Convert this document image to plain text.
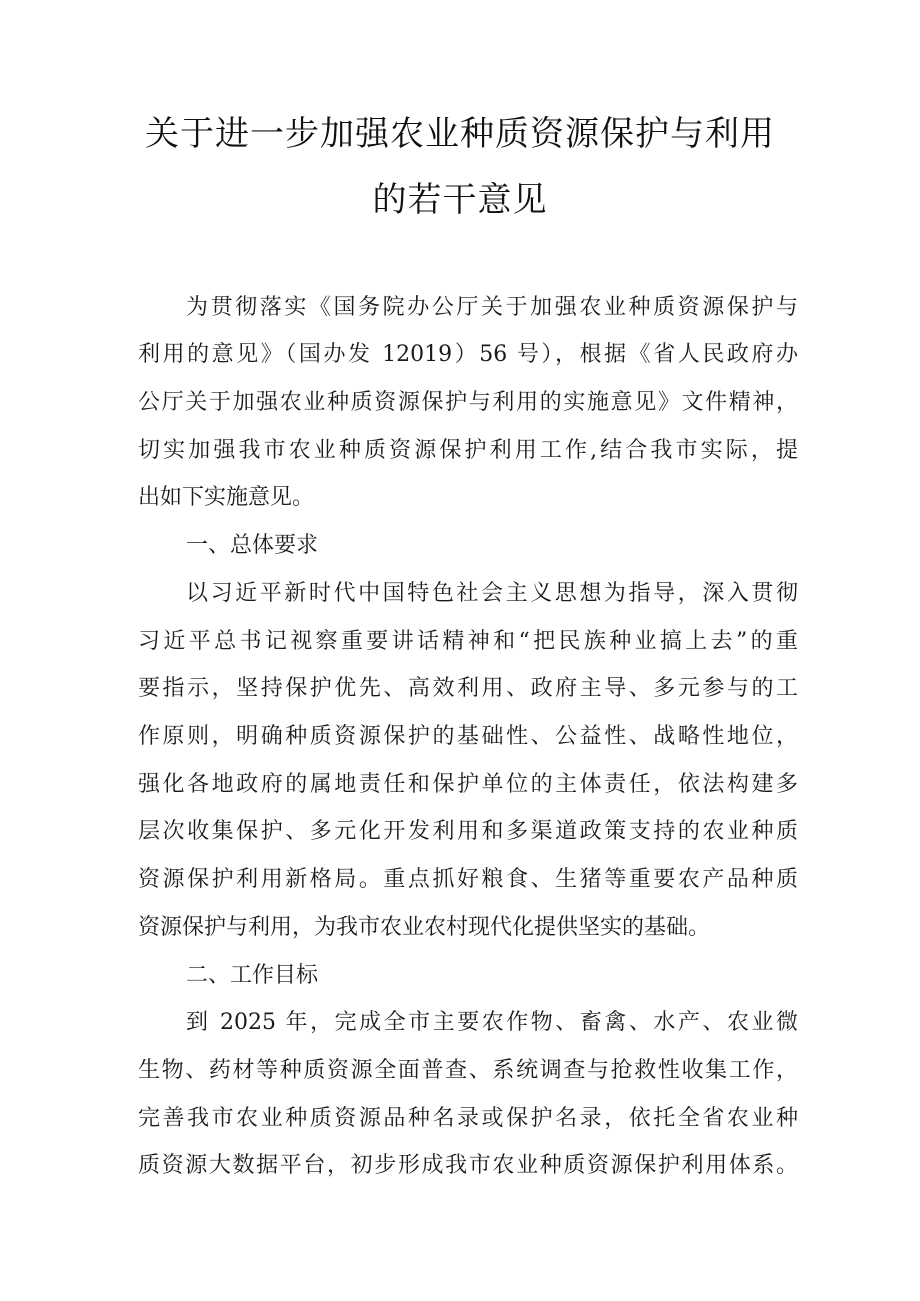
关于进一步加强农业种质资源保护与利用
的若干意见
为贯彻落实《国务院办公厅关于加强农业种质资源保护与
利用的意见》（国办发 12019）56 号），根据《省人民政府办
公厅关于加强农业种质资源保护与利用的实施意见》文件精神，
切实加强我市农业种质资源保护利用工作,结合我市实际，提
出如下实施意见。
一、总体要求
以习近平新时代中国特色社会主义思想为指导，深入贯彻
习近平总书记视察重要讲话精神和“把民族种业搞上去”的重
要指示，坚持保护优先、高效利用、政府主导、多元参与的工
作原则，明确种质资源保护的基础性、公益性、战略性地位，
强化各地政府的属地责任和保护单位的主体责任，依法构建多
层次收集保护、多元化开发利用和多渠道政策支持的农业种质
资源保护利用新格局。重点抓好粮食、生猪等重要农产品种质
资源保护与利用，为我市农业农村现代化提供坚实的基础。
二、工作目标
到 2025 年，完成全市主要农作物、畜禽、水产、农业微
生物、药材等种质资源全面普查、系统调查与抢救性收集工作，
完善我市农业种质资源品种名录或保护名录，依托全省农业种
质资源大数据平台，初步形成我市农业种质资源保护利用体系。
